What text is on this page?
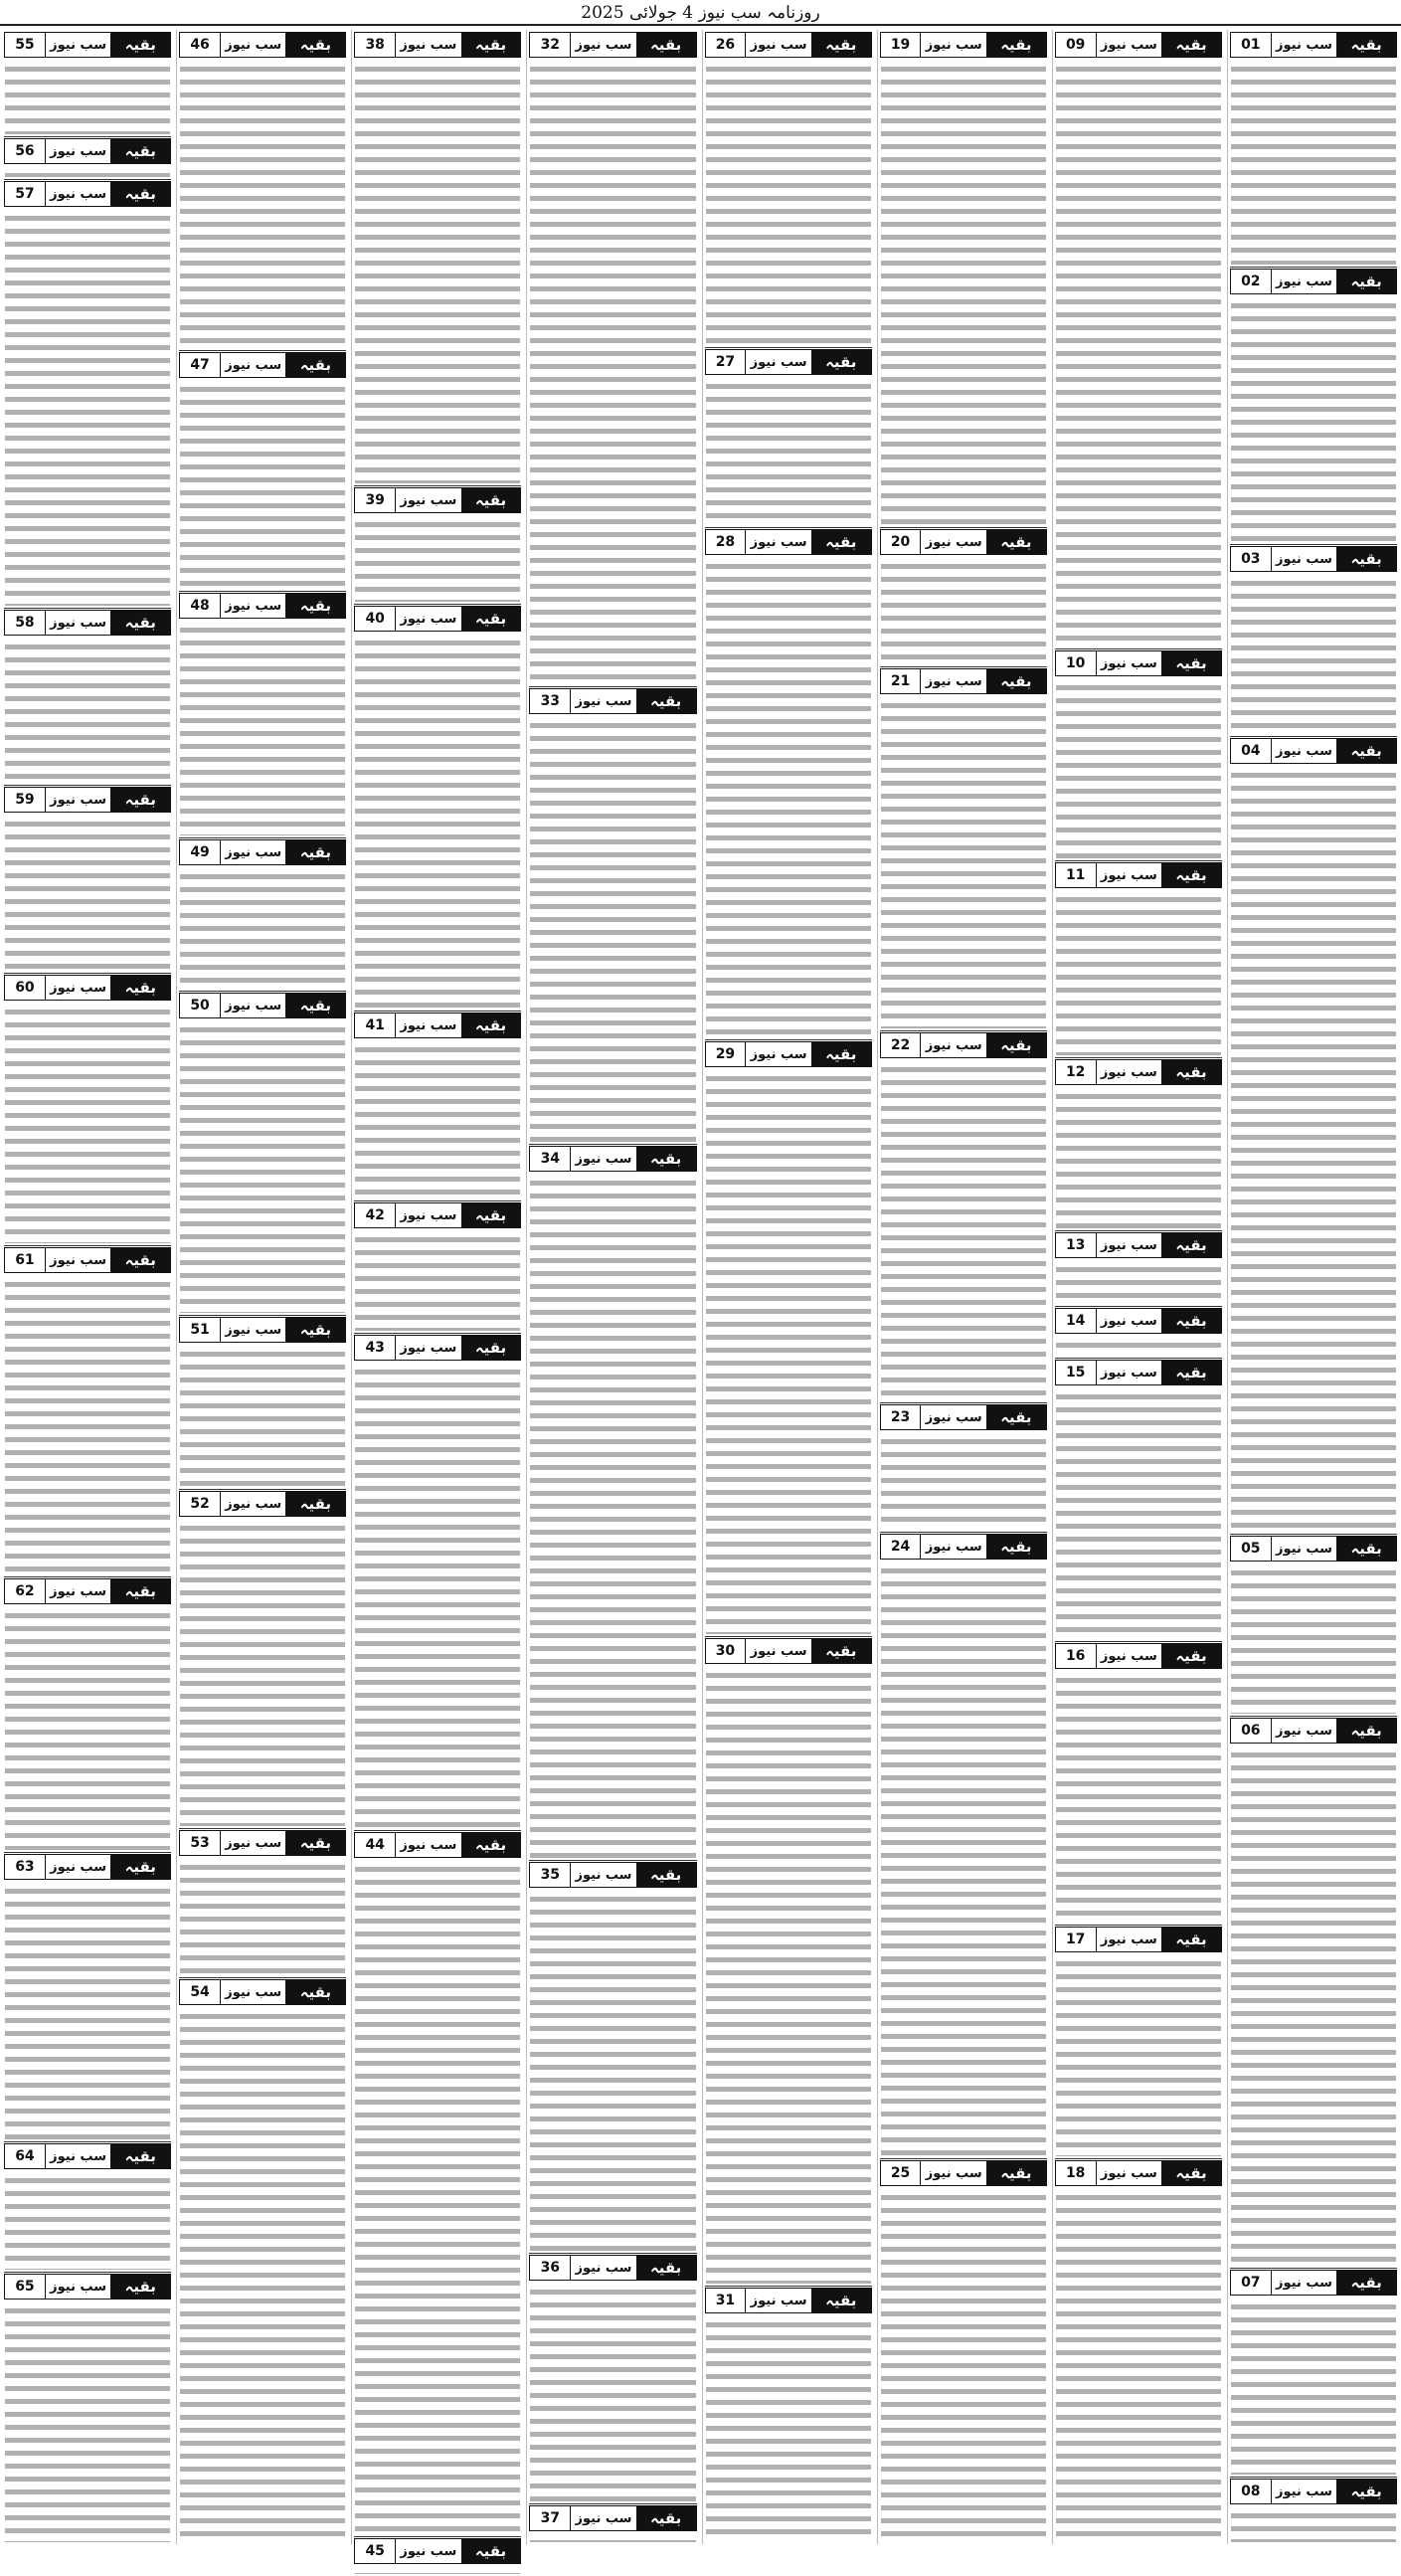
روزنامہ سب نیوز 4 جولائی 2025
01	سب نیوز	بقیہ
02	سب نیوز	بقیہ
03	سب نیوز	بقیہ
04	سب نیوز	بقیہ
05	سب نیوز	بقیہ
06	سب نیوز	بقیہ
07	سب نیوز	بقیہ
08	سب نیوز	بقیہ
09	سب نیوز	بقیہ
10	سب نیوز	بقیہ
11	سب نیوز	بقیہ
12	سب نیوز	بقیہ
13	سب نیوز	بقیہ
14	سب نیوز	بقیہ
15	سب نیوز	بقیہ
16	سب نیوز	بقیہ
17	سب نیوز	بقیہ
18	سب نیوز	بقیہ
19	سب نیوز	بقیہ
20	سب نیوز	بقیہ
21	سب نیوز	بقیہ
22	سب نیوز	بقیہ
23	سب نیوز	بقیہ
24	سب نیوز	بقیہ
25	سب نیوز	بقیہ
26	سب نیوز	بقیہ
27	سب نیوز	بقیہ
28	سب نیوز	بقیہ
29	سب نیوز	بقیہ
30	سب نیوز	بقیہ
31	سب نیوز	بقیہ
32	سب نیوز	بقیہ
33	سب نیوز	بقیہ
34	سب نیوز	بقیہ
35	سب نیوز	بقیہ
36	سب نیوز	بقیہ
37	سب نیوز	بقیہ
38	سب نیوز	بقیہ
39	سب نیوز	بقیہ
40	سب نیوز	بقیہ
41	سب نیوز	بقیہ
42	سب نیوز	بقیہ
43	سب نیوز	بقیہ
44	سب نیوز	بقیہ
45	سب نیوز	بقیہ
46	سب نیوز	بقیہ
47	سب نیوز	بقیہ
48	سب نیوز	بقیہ
49	سب نیوز	بقیہ
50	سب نیوز	بقیہ
51	سب نیوز	بقیہ
52	سب نیوز	بقیہ
53	سب نیوز	بقیہ
54	سب نیوز	بقیہ
55	سب نیوز	بقیہ
56	سب نیوز	بقیہ
57	سب نیوز	بقیہ
58	سب نیوز	بقیہ
59	سب نیوز	بقیہ
60	سب نیوز	بقیہ
61	سب نیوز	بقیہ
62	سب نیوز	بقیہ
63	سب نیوز	بقیہ
64	سب نیوز	بقیہ
65	سب نیوز	بقیہ
